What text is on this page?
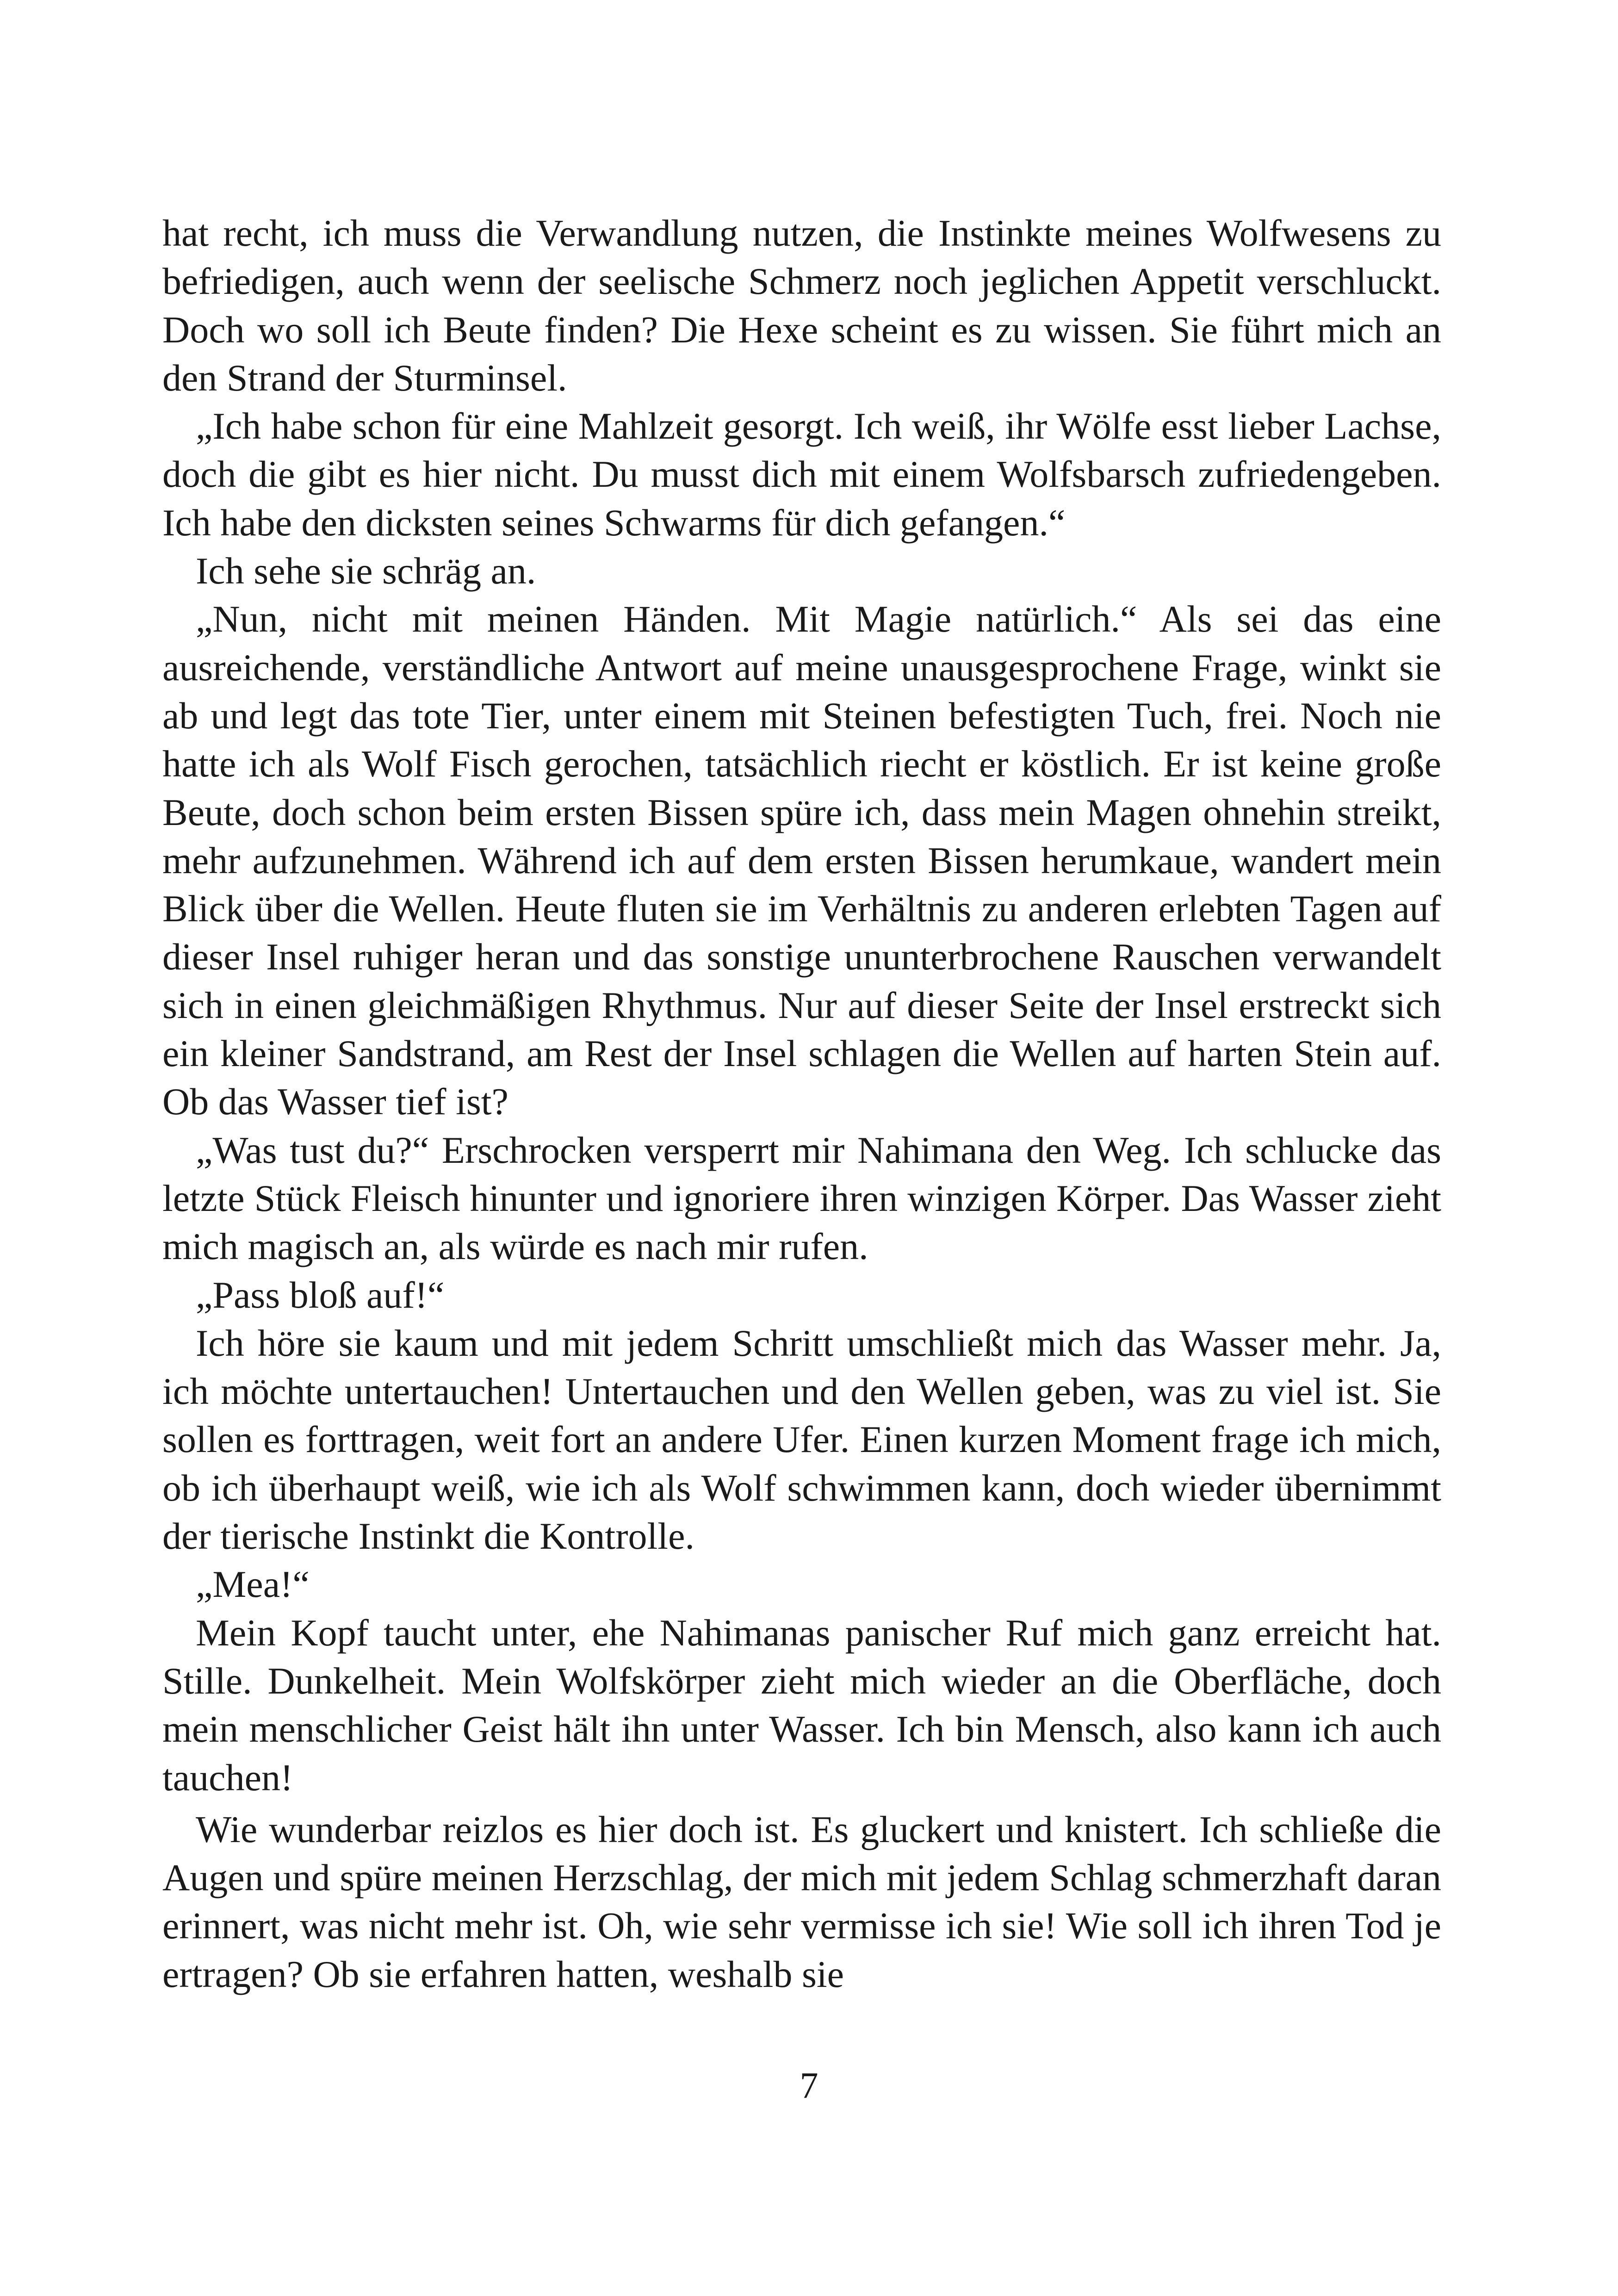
hat recht, ich muss die Verwandlung nutzen, die Instinkte meines Wolfwesens zu befriedigen, auch wenn der seelische Schmerz noch jeglichen Appetit verschluckt. Doch wo soll ich Beute finden? Die Hexe scheint es zu wissen. Sie führt mich an den Strand der Sturminsel.

„Ich habe schon für eine Mahlzeit gesorgt. Ich weiß, ihr Wölfe esst lieber Lachse, doch die gibt es hier nicht. Du musst dich mit einem Wolfsbarsch zufriedengeben. Ich habe den dicksten seines Schwarms für dich gefangen.“

Ich sehe sie schräg an.

„Nun, nicht mit meinen Händen. Mit Magie natürlich.“ Als sei das eine ausreichende, verständliche Antwort auf meine unausgesprochene Frage, winkt sie ab und legt das tote Tier, unter einem mit Steinen befestigten Tuch, frei. Noch nie hatte ich als Wolf Fisch gerochen, tatsächlich riecht er köstlich. Er ist keine große Beute, doch schon beim ersten Bissen spüre ich, dass mein Magen ohnehin streikt, mehr aufzunehmen. Während ich auf dem ersten Bissen herumkaue, wandert mein Blick über die Wellen. Heute fluten sie im Verhältnis zu anderen erlebten Tagen auf dieser Insel ruhiger heran und das sonstige ununterbrochene Rauschen verwandelt sich in einen gleichmäßigen Rhythmus. Nur auf dieser Seite der Insel erstreckt sich ein kleiner Sandstrand, am Rest der Insel schlagen die Wellen auf harten Stein auf. Ob das Wasser tief ist?

„Was tust du?“ Erschrocken versperrt mir Nahimana den Weg. Ich schlucke das letzte Stück Fleisch hinunter und ignoriere ihren winzigen Körper. Das Wasser zieht mich magisch an, als würde es nach mir rufen.

„Pass bloß auf!“

Ich höre sie kaum und mit jedem Schritt umschließt mich das Wasser mehr. Ja, ich möchte untertauchen! Untertauchen und den Wellen geben, was zu viel ist. Sie sollen es forttragen, weit fort an andere Ufer. Einen kurzen Moment frage ich mich, ob ich überhaupt weiß, wie ich als Wolf schwimmen kann, doch wieder übernimmt der tierische Instinkt die Kontrolle.

„Mea!“

Mein Kopf taucht unter, ehe Nahimanas panischer Ruf mich ganz erreicht hat. Stille. Dunkelheit. Mein Wolfskörper zieht mich wieder an die Oberfläche, doch mein menschlicher Geist hält ihn unter Wasser. Ich bin Mensch, also kann ich auch tauchen!

Wie wunderbar reizlos es hier doch ist. Es gluckert und knistert. Ich schließe die Augen und spüre meinen Herzschlag, der mich mit jedem Schlag schmerzhaft daran erinnert, was nicht mehr ist. Oh, wie sehr vermisse ich sie! Wie soll ich ihren Tod je ertragen? Ob sie erfahren hatten, weshalb sie

7
